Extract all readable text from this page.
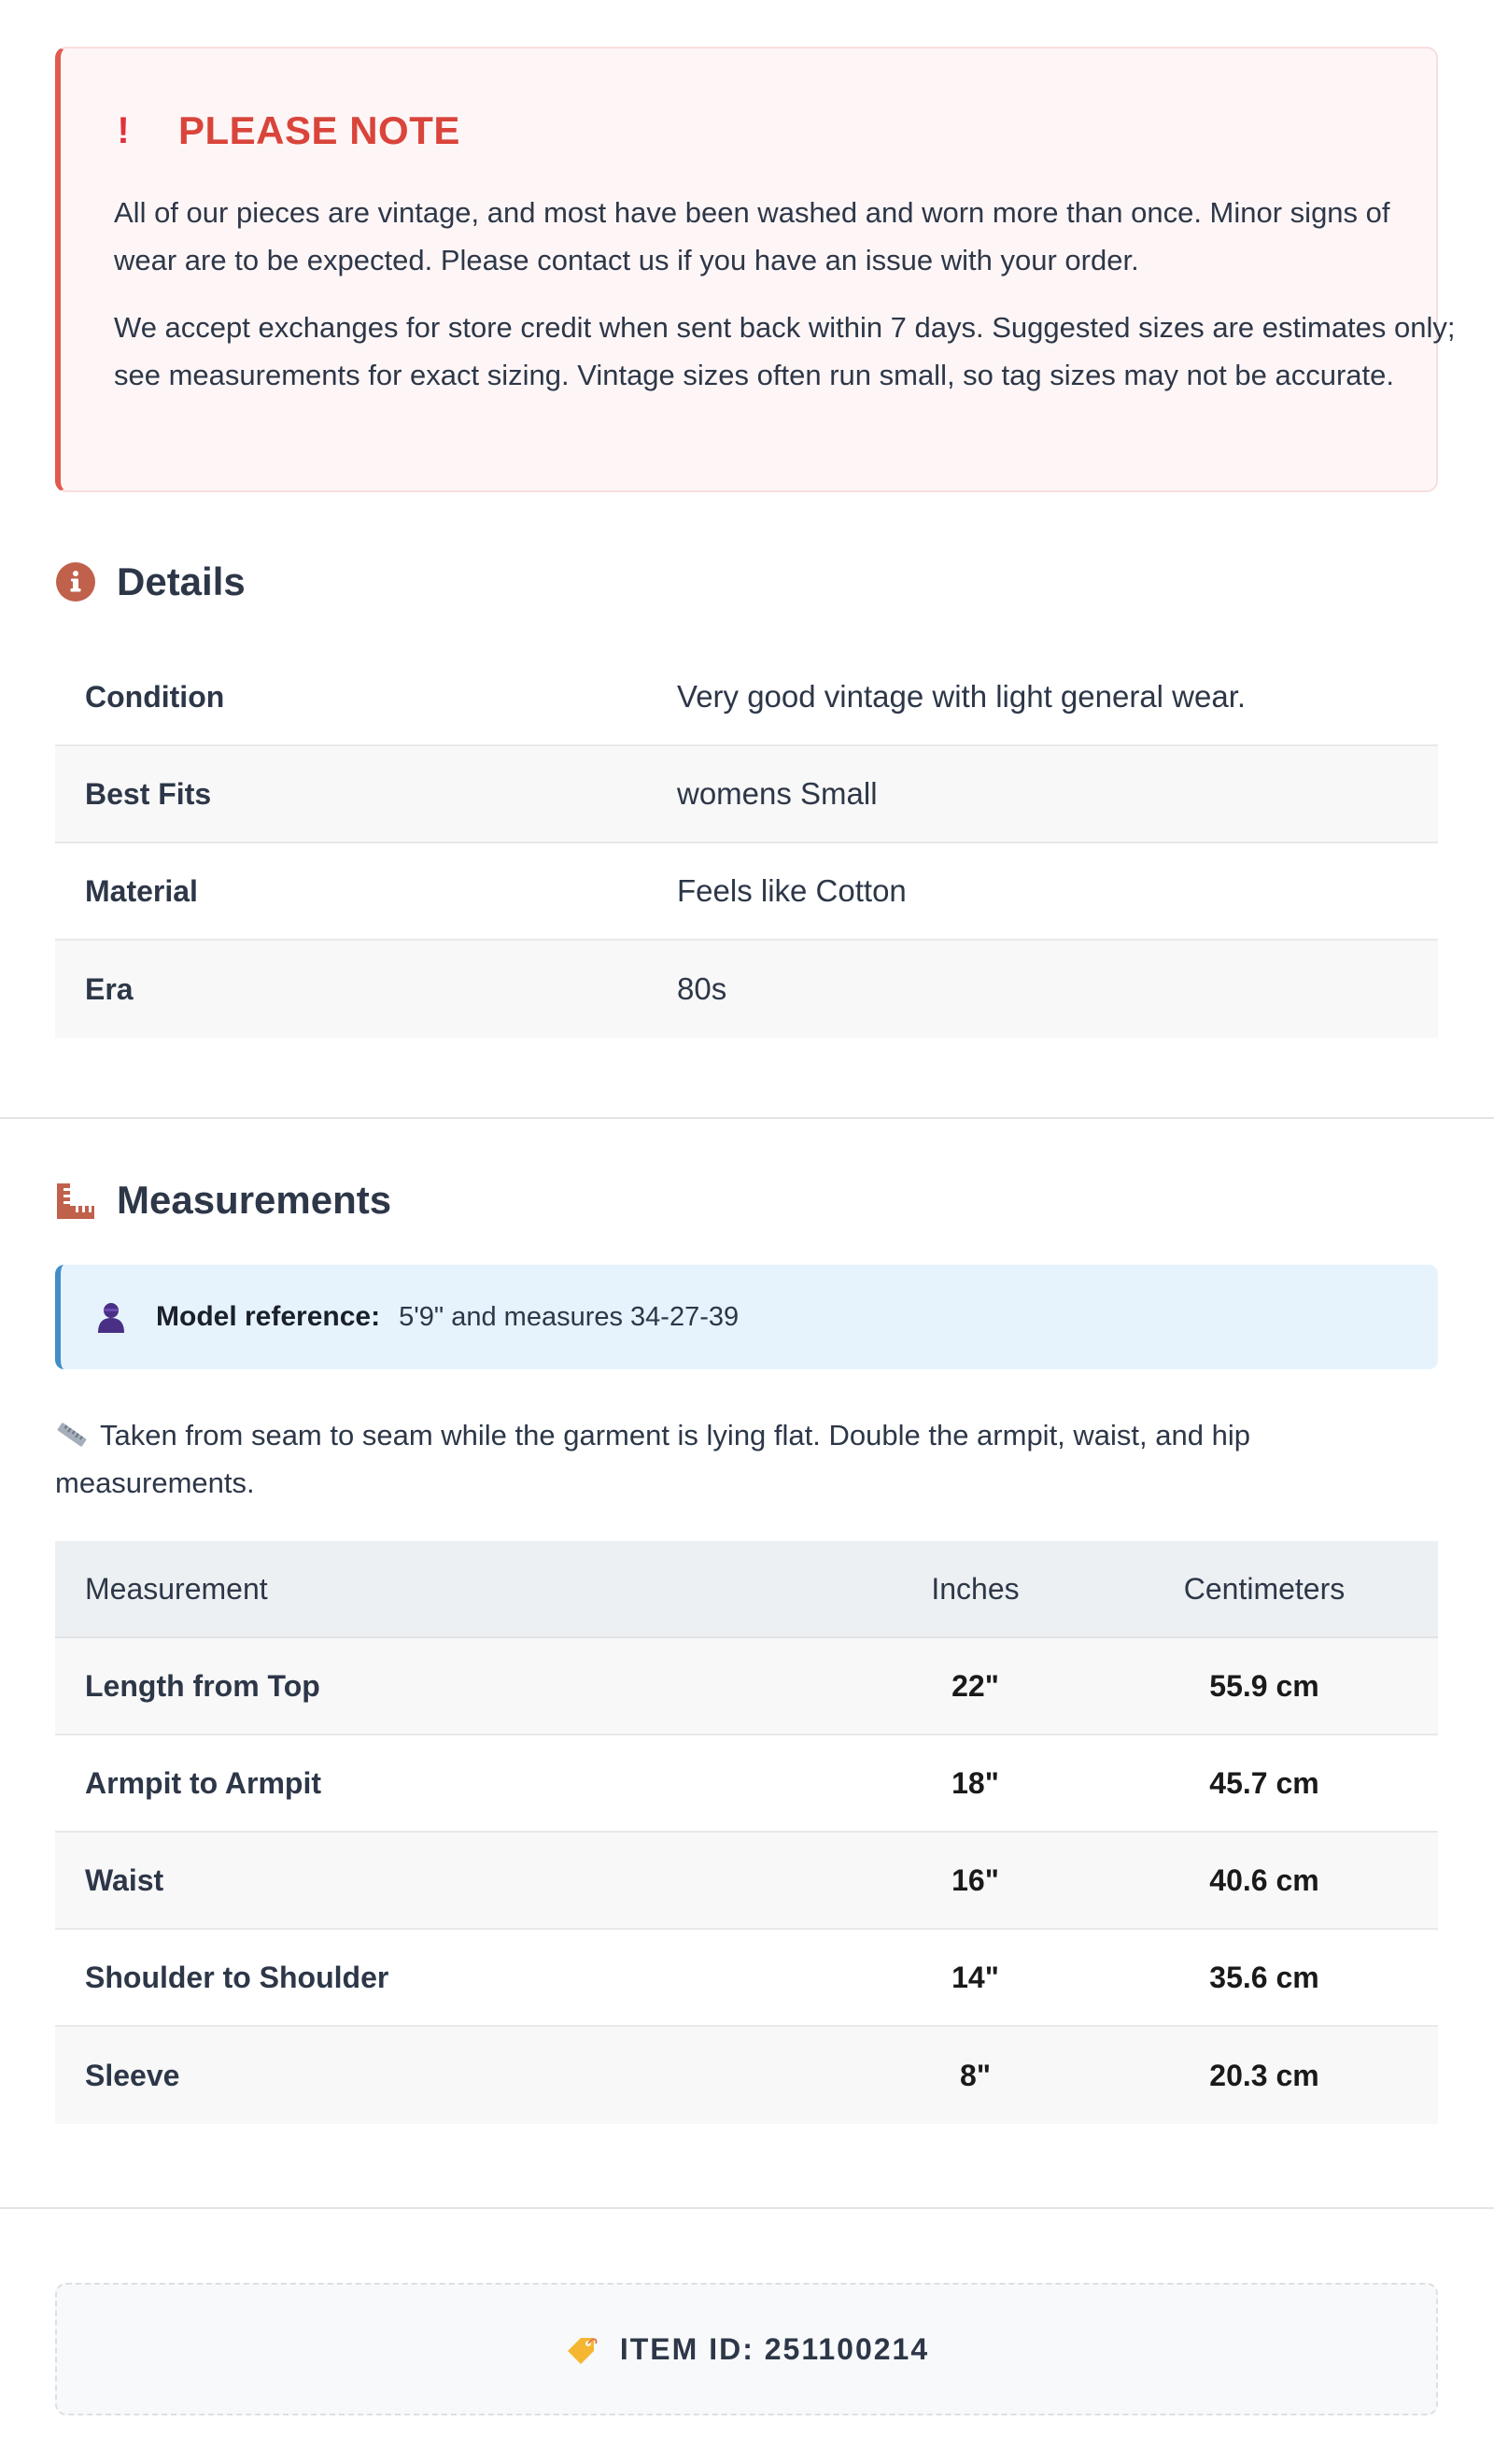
! PLEASE NOTE

All of our pieces are vintage, and most have been washed and worn more than once. Minor signs of wear are to be expected. Please contact us if you have an issue with your order.

We accept exchanges for store credit when sent back within 7 days. Suggested sizes are estimates only; see measurements for exact sizing. Vintage sizes often run small, so tag sizes may not be accurate.

Details
Condition	Very good vintage with light general wear.
Best Fits	womens Small
Material	Feels like Cotton
Era	80s
Measurements
Model reference: 5'9" and measures 34-27-39

Taken from seam to seam while the garment is lying flat. Double the armpit, waist, and hip measurements.

Measurement	Inches	Centimeters
Length from Top	22"	55.9 cm
Armpit to Armpit	18"	45.7 cm
Waist	16"	40.6 cm
Shoulder to Shoulder	14"	35.6 cm
Sleeve	8"	20.3 cm
ITEM ID: 251100214
